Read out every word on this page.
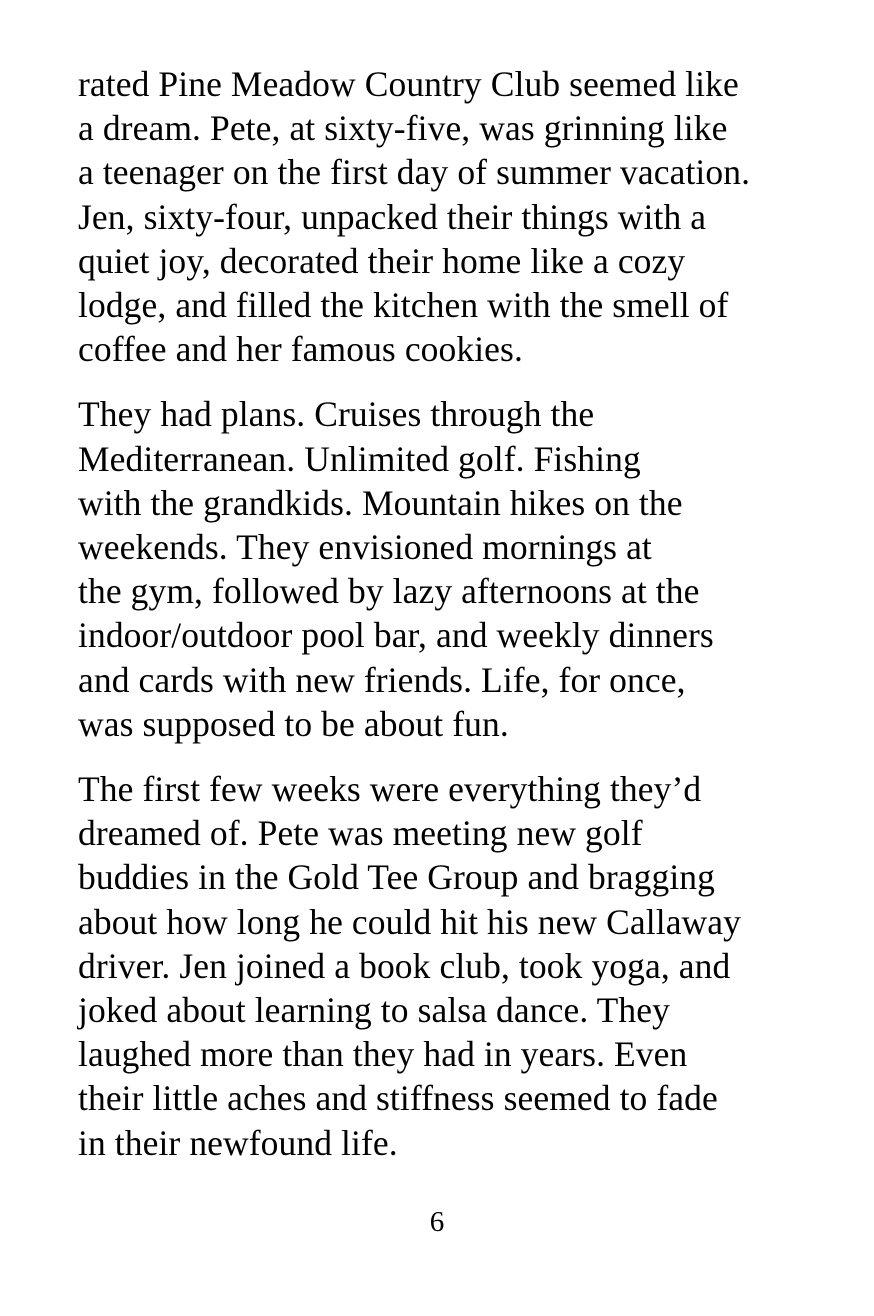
rated Pine Meadow Country Club seemed like
a dream. Pete, at sixty-five, was grinning like
a teenager on the first day of summer vacation.
Jen, sixty-four, unpacked their things with a
quiet joy, decorated their home like a cozy
lodge, and filled the kitchen with the smell of
coffee and her famous cookies.

They had plans. Cruises through the
Mediterranean. Unlimited golf. Fishing
with the grandkids. Mountain hikes on the
weekends. They envisioned mornings at
the gym, followed by lazy afternoons at the
indoor/outdoor pool bar, and weekly dinners
and cards with new friends. Life, for once,
was supposed to be about fun.

The first few weeks were everything they’d
dreamed of. Pete was meeting new golf
buddies in the Gold Tee Group and bragging
about how long he could hit his new Callaway
driver. Jen joined a book club, took yoga, and
joked about learning to salsa dance. They
laughed more than they had in years. Even
their little aches and stiffness seemed to fade
in their newfound life.

6
